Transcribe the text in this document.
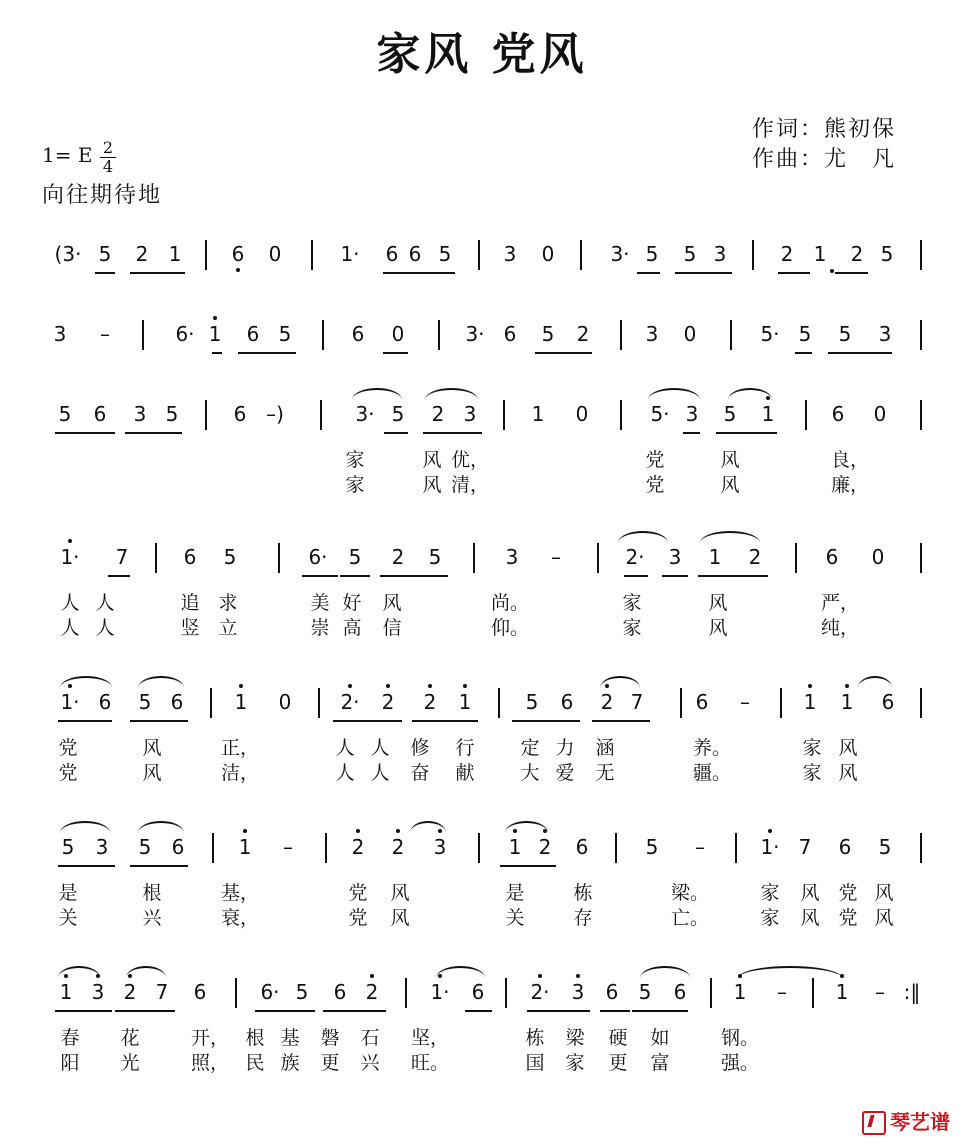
家风 党风
作词：熊初保
作曲：尤　凡
1= E 2
4
向往期待地
(3· 5 2 1	6 0	1· 6 6 5	3 0	3· 5 5 3	2 1 2 5
3 –	6· 1 6 5	6 0	3· 6 5 2	3 0	5· 5 5 3
5 6 3 5	6 –)	3· 5 2 3	1 0	5· 3 5 1	6 0
家	风 优，	党	风	良，
家	风 清，	党	风	廉，
1· 7	6 5	6· 5 2 5	3 –	2· 3 1 2	6 0
人 人	追 求	美 好 风	尚。	家	风	严，
人 人	竖 立	崇 高 信	仰。	家	风	纯，
1· 6 5 6	1 0 2· 2 2 1	5 6 2 7	6 –	1 1 6
党	风	正，	人 人 修 行 定 力 涵	养。	家 风
党	风	洁，	人 人 奋 献 大 爱 无	疆。	家 风
5 3 5 6	1 –	2 2 3	1 2 6	5 –	1· 7 6 5
是	根	基，	党 风	是	栋	梁。	家 风 党 风
关	兴	衰，	党 风	关	存	亡。	家 风 党 风
1 3 2 7 6	6· 5 6 2	1· 6 2· 3 6 5 6 1 – 1 – :‖
春 花	开， 根 基 磐 石 坚，	栋 梁 硬 如	钢。
阳 光	照， 民 族 更 兴 旺。	国 家 更 富	强。
琴艺谱
